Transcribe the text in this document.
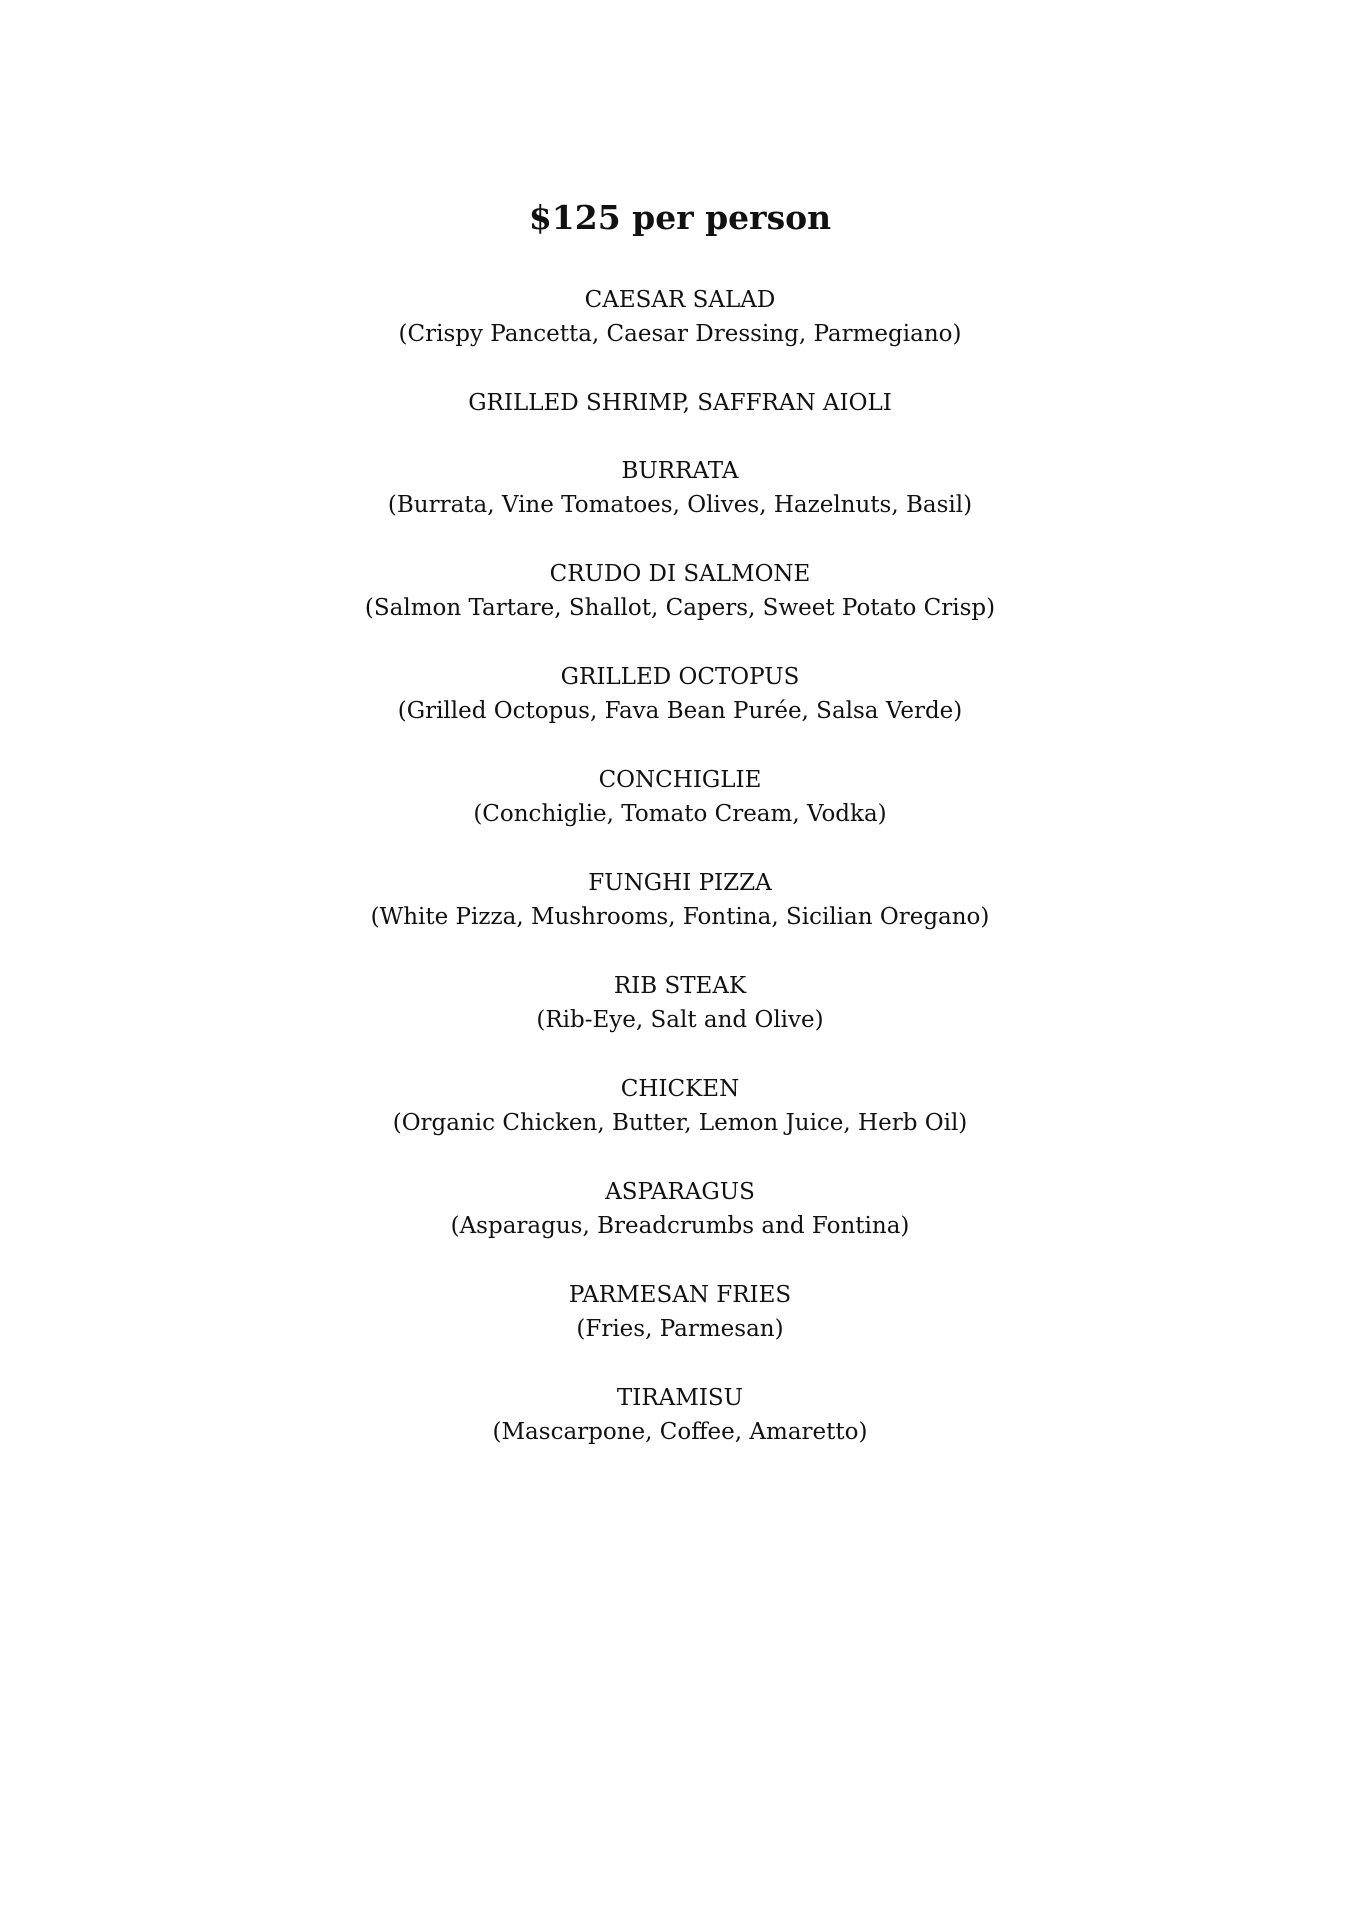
$125 per person
CAESAR SALAD
(Crispy Pancetta, Caesar Dressing, Parmegiano)
GRILLED SHRIMP, SAFFRAN AIOLI
BURRATA
(Burrata, Vine Tomatoes, Olives, Hazelnuts, Basil)
CRUDO DI SALMONE
(Salmon Tartare, Shallot, Capers, Sweet Potato Crisp)
GRILLED OCTOPUS
(Grilled Octopus, Fava Bean Purée, Salsa Verde)
CONCHIGLIE
(Conchiglie, Tomato Cream, Vodka)
FUNGHI PIZZA
(White Pizza, Mushrooms, Fontina, Sicilian Oregano)
RIB STEAK
(Rib-Eye, Salt and Olive)
CHICKEN
(Organic Chicken, Butter, Lemon Juice, Herb Oil)
ASPARAGUS
(Asparagus, Breadcrumbs and Fontina)
PARMESAN FRIES
(Fries, Parmesan)
TIRAMISU
(Mascarpone, Coffee, Amaretto)
